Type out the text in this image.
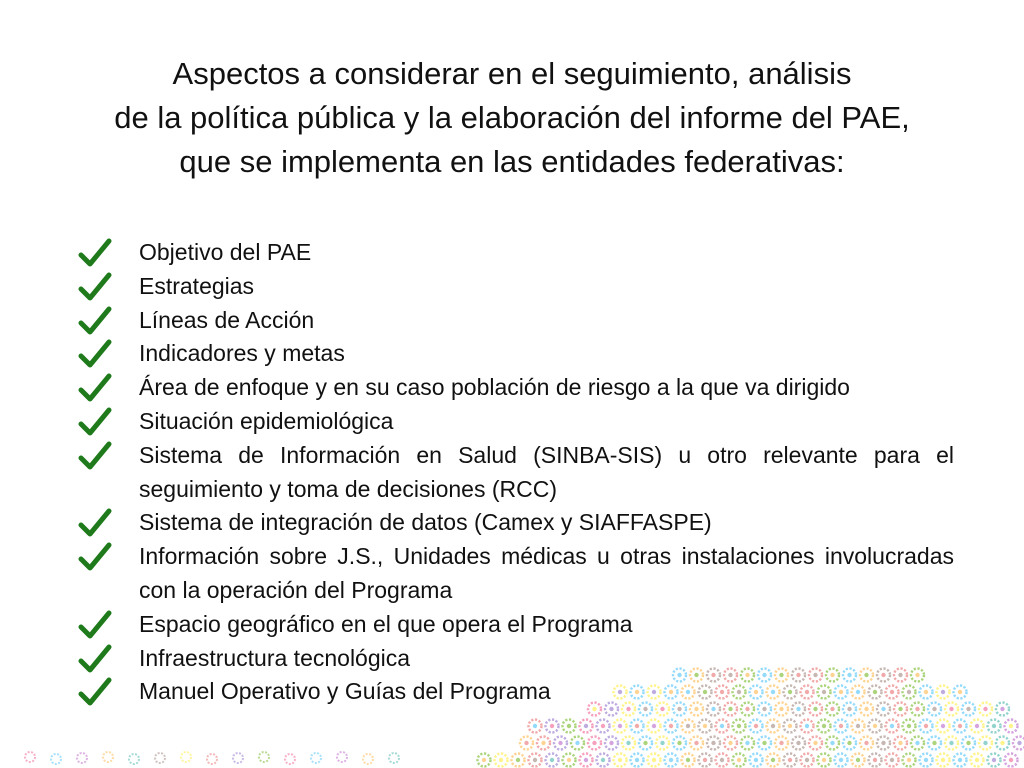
Aspectos a considerar en el seguimiento, análisis
de la política pública y la elaboración del informe del PAE,
que se implementa en las entidades federativas:
Objetivo del PAE
Estrategias
Líneas de Acción
Indicadores y metas
Área de enfoque y en su caso población de riesgo a la que va dirigido
Situación epidemiológica
Sistema de Información en Salud (SINBA-SIS) u otro relevante para el seguimiento y toma de decisiones (RCC)
Sistema de integración de datos (Camex y SIAFFASPE)
Información sobre J.S., Unidades médicas u otras instalaciones involucradas con la operación del Programa
Espacio geográfico en el que opera el Programa
Infraestructura tecnológica
Manuel Operativo y Guías del Programa
